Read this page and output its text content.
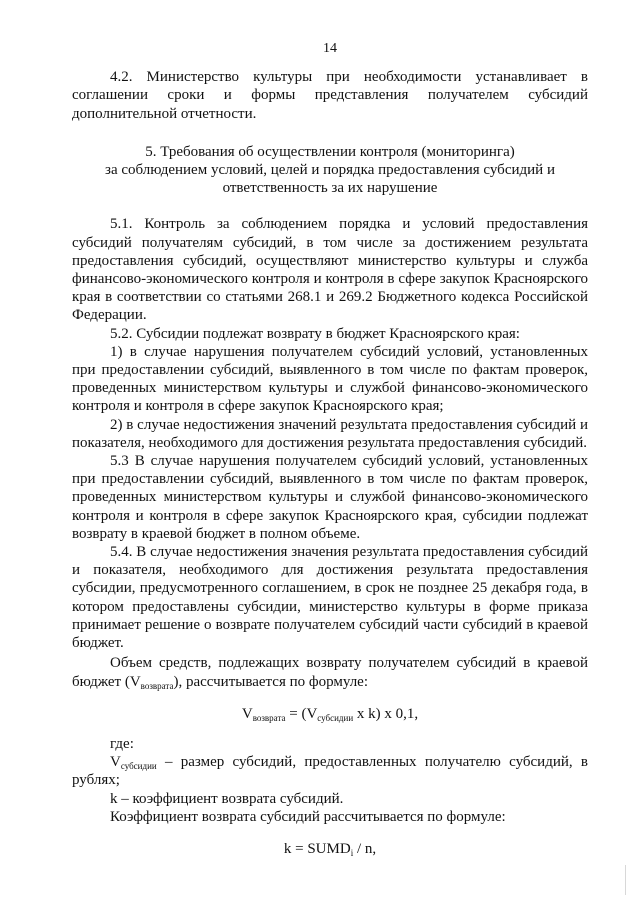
14

4.2. Министерство культуры при необходимости устанавливает в соглашении сроки и формы представления получателем субсидий дополнительной отчетности.

5. Требования об осуществлении контроля (мониторинга)
за соблюдением условий, целей и порядка предоставления субсидий и
ответственность за их нарушение

5.1. Контроль за соблюдением порядка и условий предоставления субсидий получателям субсидий, в том числе за достижением результата предоставления субсидий, осуществляют министерство культуры и служба финансово-экономического контроля и контроля в сфере закупок Красноярского края в соответствии со статьями 268.1 и 269.2 Бюджетного кодекса Российской Федерации.

5.2. Субсидии подлежат возврату в бюджет Красноярского края:

1) в случае нарушения получателем субсидий условий, установленных при предоставлении субсидий, выявленного в том числе по фактам проверок, проведенных министерством культуры и службой финансово-экономического контроля и контроля в сфере закупок Красноярского края;

2) в случае недостижения значений результата предоставления субсидий и показателя, необходимого для достижения результата предоставления субсидий.

5.3 В случае нарушения получателем субсидий условий, установленных при предоставлении субсидий, выявленного в том числе по фактам проверок, проведенных министерством культуры и службой финансово-экономического контроля и контроля в сфере закупок Красноярского края, субсидии подлежат возврату в краевой бюджет в полном объеме.

5.4. В случае недостижения значения результата предоставления субсидий и показателя, необходимого для достижения результата предоставления субсидии, предусмотренного соглашением, в срок не позднее 25 декабря года, в котором предоставлены субсидии, министерство культуры в форме приказа принимает решение о возврате получателем субсидий части субсидий в краевой бюджет.

Объем средств, подлежащих возврату получателем субсидий в краевой бюджет $(V_{возврата})$, рассчитывается по формуле:

$V_{возврата} = (V_{субсидии}$ x k) x 0,1,

где:

$V_{субсидии}$ – размер субсидий, предоставленных получателю субсидий, в рублях;

k – коэффициент возврата субсидий.

Коэффициент возврата субсидий рассчитывается по формуле:

$k = SUMD_i / n$,
